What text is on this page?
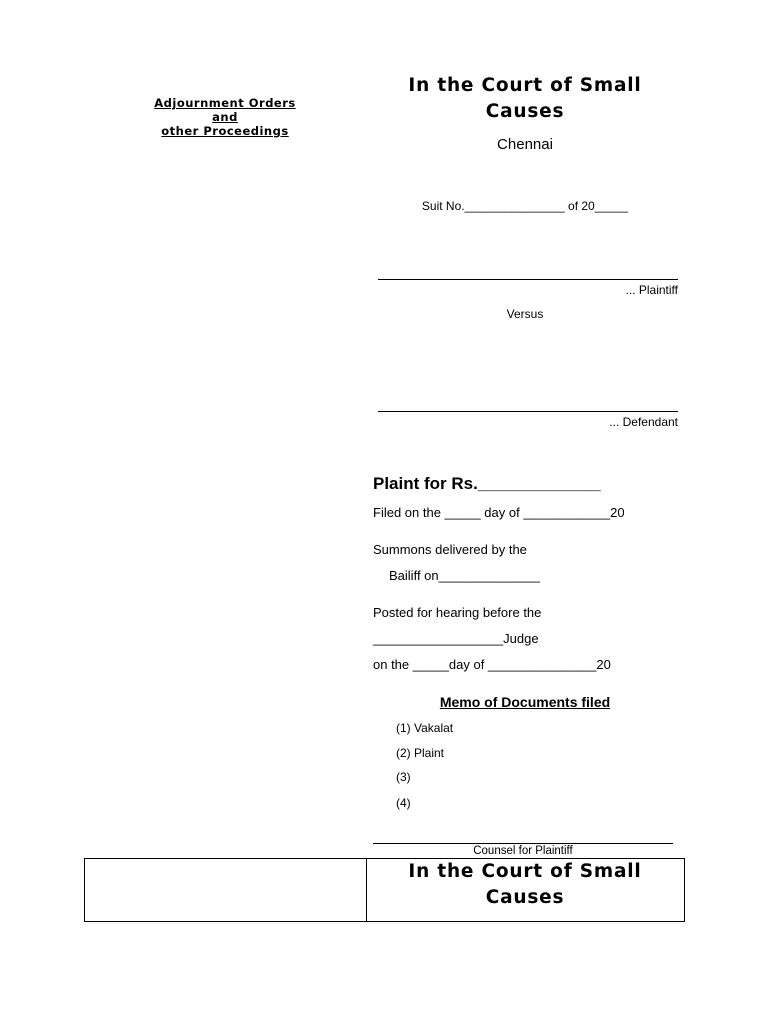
Adjournment Orders
and
other Proceedings
In the Court of Small
Causes
Chennai
Suit No._______________ of 20_____
... Plaintiff
Versus
... Defendant
Plaint for Rs._____________
Filed on the _____ day of ____________20
Summons delivered by the
Bailiff on______________
Posted for hearing before the
__________________Judge
on the _____day of _______________20
Memo of Documents filed
(1) Vakalat
(2) Plaint
(3)
(4)
Counsel for Plaintiff
In the Court of Small
Causes
